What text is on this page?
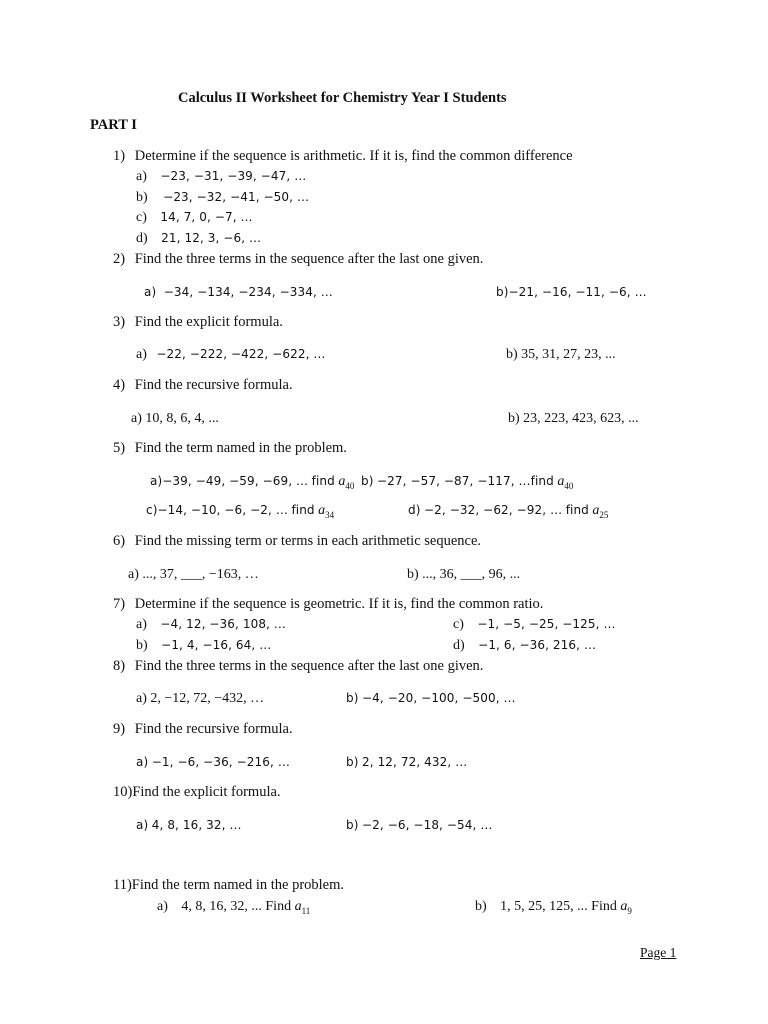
Calculus II Worksheet for Chemistry Year I Students
PART I
1) Determine if the sequence is arithmetic. If it is, find the common difference
a) −23, −31, −39, −47, …
b) −23, −32, −41, −50, …
c) 14, 7, 0, −7, …
d) 21, 12, 3, −6, …
2) Find the three terms in the sequence after the last one given.
a) −34, −134, −234, −334, …	b)−21, −16, −11, −6, …
3) Find the explicit formula.
a) −22, −222, −422, −622, …	b) 35, 31, 27, 23, ...
4) Find the recursive formula.
a) 10, 8, 6, 4, ...	b) 23, 223, 423, 623, ...
5) Find the term named in the problem.
a)−39, −49, −59, −69, … find $a_{40}$ b) −27, −57, −87, −117, …find $a_{40}$
c)−14, −10, −6, −2, … find $a_{34}$	d) −2, −32, −62, −92, … find $a_{25}$
6) Find the missing term or terms in each arithmetic sequence.
a) ..., 37, ___, −163, …	b) ..., 36, ___, 96, ...
7) Determine if the sequence is geometric. If it is, find the common ratio.
a) −4, 12, −36, 108, …	c) −1, −5, −25, −125, …
b) −1, 4, −16, 64, …	d) −1, 6, −36, 216, …
8) Find the three terms in the sequence after the last one given.
a) 2, −12, 72, −432, …	b) −4, −20, −100, −500, …
9) Find the recursive formula.
a) −1, −6, −36, −216, …	b) 2, 12, 72, 432, …
10)Find the explicit formula.
a) 4, 8, 16, 32, …	b) −2, −6, −18, −54, …
11)Find the term named in the problem.
a) 4, 8, 16, 32, ... Find $a_{11}$	b) 1, 5, 25, 125, ... Find $a_9$
Page 1
